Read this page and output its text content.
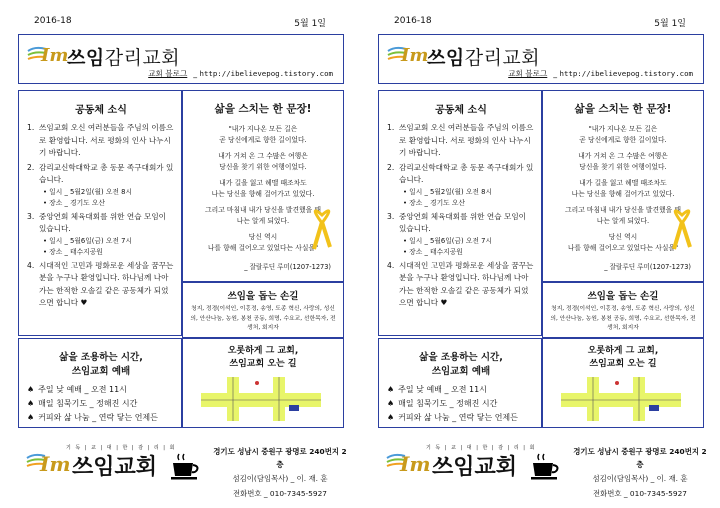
2016-18	5월 1일
Im
쓰임감리교회
교회 블로그 _ http://ibelievepog.tistory.com
공동체 소식
1. 쓰임교회 오신 여러분들을 주님의 이름으로 환영합니다. 서로 평화의 인사 나누시기 바랍니다.
2. 감리교신학대학교 총 동문 족구대회가 있습니다.
• 일시 _ 5월2일(월) 오전 8시
• 장소 _ 경기도 오산
3. 중앙연회 체육대회를 위한 연습 모임이 있습니다.
• 일시 _ 5월6일(금) 오전 7시
• 장소 _ 태수지공원
4. 시대적인 고민과 평화로운 세상을 꿈꾸는 분을 누구나 환영입니다. 하나님께 나아가는 한적한 오솔길 같은 공동체가 되었으면 합니다 ♥
삶을 스치는 한 문장!
"내가 지나온 모든 길은
곧 당신에게로 향한 길이었다.
내가 거쳐 온 그 수많은 여행은
당신을 찾기 위한 여행이었다.
내가 길을 잃고 헤맬 때조차도
나는 당신을 향해 걸어가고 있었다.
그리고 마침내 내가 당신을 발견했을 때
나는 알게 되었다.
당신 역시
나를 향해 걸어오고 있었다는 사실을"
_ 잘랄루딘 루미(1207-1273)
쓰임을 돕는 손길
청지, 정경(이석인, 이홍정, 송영, 도종 혁신, 사랑의, 성신의, 안산나눔, 농원, 봉천 공동, 희명, 수요교, 선한목자, 전생처, 회지자
삶을 조용하는 시간,
쓰임교회 예배
♠ 주일 낮 예배 _ 오전 11시
♠ 매일 침묵기도 _ 정해진 시간
♠ 커피와 삶 나눔 _ 연락 닿는 언제든
오롯하게 그 교회,
쓰임교회 오는 길
기 독 | 교 | 대 | 한 | 감 | 리 | 회
Im 쓰임교회
경기도 성남시 중원구 광명로 240번지 2층
섬김이(담임목사) _ 이. 재. 훈
전화번호 _ 010-7345-5927
2016-18	5월 1일
Im
쓰임감리교회
교회 블로그 _ http://ibelievepog.tistory.com
공동체 소식
1. 쓰임교회 오신 여러분들을 주님의 이름으로 환영합니다. 서로 평화의 인사 나누시기 바랍니다.
2. 감리교신학대학교 총 동문 족구대회가 있습니다.
• 일시 _ 5월2일(월) 오전 8시
• 장소 _ 경기도 오산
3. 중앙연회 체육대회를 위한 연습 모임이 있습니다.
• 일시 _ 5월6일(금) 오전 7시
• 장소 _ 태수지공원
4. 시대적인 고민과 평화로운 세상을 꿈꾸는 분을 누구나 환영입니다. 하나님께 나아가는 한적한 오솔길 같은 공동체가 되었으면 합니다 ♥
삶을 스치는 한 문장!
"내가 지나온 모든 길은
곧 당신에게로 향한 길이었다.
내가 거쳐 온 그 수많은 여행은
당신을 찾기 위한 여행이었다.
내가 길을 잃고 헤맬 때조차도
나는 당신을 향해 걸어가고 있었다.
그리고 마침내 내가 당신을 발견했을 때
나는 알게 되었다.
당신 역시
나를 향해 걸어오고 있었다는 사실을"
_ 잘랄루딘 루미(1207-1273)
쓰임을 돕는 손길
청지, 정경(이석인, 이홍정, 송영, 도종 혁신, 사랑의, 성신의, 안산나눔, 농원, 봉천 공동, 희명, 수요교, 선한목자, 전생처, 회지자
삶을 조용하는 시간,
쓰임교회 예배
♠ 주일 낮 예배 _ 오전 11시
♠ 매일 침묵기도 _ 정해진 시간
♠ 커피와 삶 나눔 _ 연락 닿는 언제든
오롯하게 그 교회,
쓰임교회 오는 길
기 독 | 교 | 대 | 한 | 감 | 리 | 회
Im 쓰임교회
경기도 성남시 중원구 광명로 240번지 2층
섬김이(담임목사) _ 이. 재. 훈
전화번호 _ 010-7345-5927
